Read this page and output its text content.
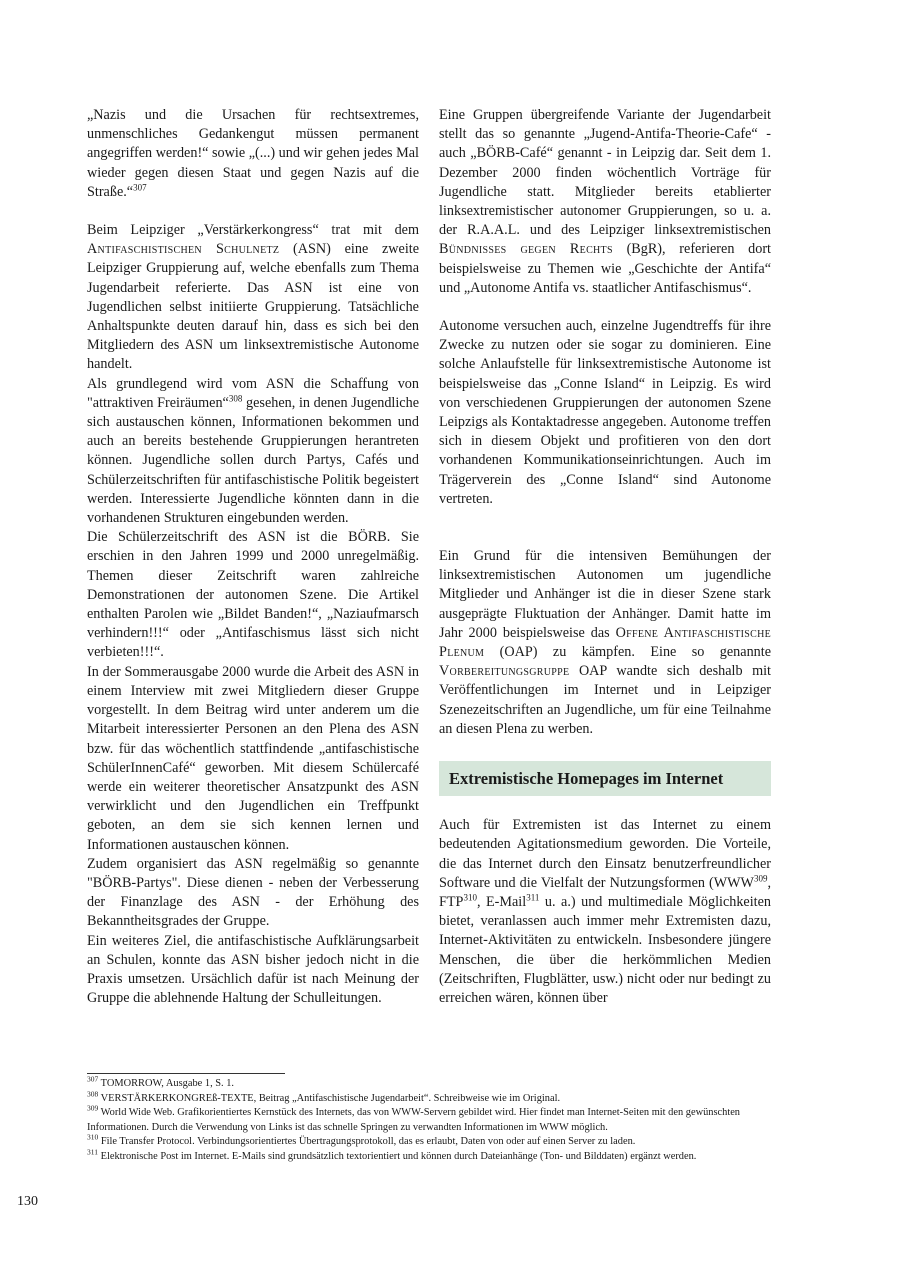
„Nazis und die Ursachen für rechtsextremes, unmenschliches Gedankengut müssen permanent angegriffen werden!“ sowie „(...) und wir gehen jedes Mal wieder gegen diesen Staat und gegen Nazis auf die Straße.“$^{307}$

Beim Leipziger „Verstärkerkongress“ trat mit dem Antifaschistischen Schulnetz (ASN) eine zweite Leipziger Gruppierung auf, welche ebenfalls zum Thema Jugendarbeit referierte. Das ASN ist eine von Jugendlichen selbst initiierte Gruppierung. Tatsächliche Anhaltspunkte deuten darauf hin, dass es sich bei den Mitgliedern des ASN um linksextremistische Autonome handelt.

Als grundlegend wird vom ASN die Schaffung von "attraktiven Freiräumen“$^{308}$ gesehen, in denen Jugendliche sich austauschen können, Informationen bekommen und auch an bereits bestehende Gruppierungen herantreten können. Jugendliche sollen durch Partys, Cafés und Schülerzeitschriften für antifaschistische Politik begeistert werden. Interessierte Jugendliche könnten dann in die vorhandenen Strukturen eingebunden werden.

Die Schülerzeitschrift des ASN ist die BÖRB. Sie erschien in den Jahren 1999 und 2000 unregelmäßig. Themen dieser Zeitschrift waren zahlreiche Demonstrationen der autonomen Szene. Die Artikel enthalten Parolen wie „Bildet Banden!“, „Naziaufmarsch verhindern!!!“ oder „Antifaschismus lässt sich nicht verbieten!!!“.

In der Sommerausgabe 2000 wurde die Arbeit des ASN in einem Interview mit zwei Mitgliedern dieser Gruppe vorgestellt. In dem Beitrag wird unter anderem um die Mitarbeit interessierter Personen an den Plena des ASN bzw. für das wöchentlich stattfindende „antifaschistische SchülerInnenCafé“ geworben. Mit diesem Schülercafé werde ein weiterer theoretischer Ansatzpunkt des ASN verwirklicht und den Jugendlichen ein Treffpunkt geboten, an dem sie sich kennen lernen und Informationen austauschen können.

Zudem organisiert das ASN regelmäßig so genannte "BÖRB-Partys". Diese dienen - neben der Verbesserung der Finanzlage des ASN - der Erhöhung des Bekanntheitsgrades der Gruppe.

Ein weiteres Ziel, die antifaschistische Aufklärungsarbeit an Schulen, konnte das ASN bisher jedoch nicht in die Praxis umsetzen. Ursächlich dafür ist nach Meinung der Gruppe die ablehnende Haltung der Schulleitungen.

Eine Gruppen übergreifende Variante der Jugendarbeit stellt das so genannte „Jugend-Antifa-Theorie-Cafe“ - auch „BÖRB-Café“ genannt - in Leipzig dar. Seit dem 1. Dezember 2000 finden wöchentlich Vorträge für Jugendliche statt. Mitglieder bereits etablierter linksextremistischer autonomer Gruppierungen, so u. a. der R.A.A.L. und des Leipziger linksextremistischen Bündnisses gegen Rechts (BgR), referieren dort beispielsweise zu Themen wie „Geschichte der Antifa“ und „Autonome Antifa vs. staatlicher Antifaschismus“.

Autonome versuchen auch, einzelne Jugendtreffs für ihre Zwecke zu nutzen oder sie sogar zu dominieren. Eine solche Anlaufstelle für linksextremistische Autonome ist beispielsweise das „Conne Island“ in Leipzig. Es wird von verschiedenen Gruppierungen der autonomen Szene Leipzigs als Kontaktadresse angegeben. Autonome treffen sich in diesem Objekt und profitieren von den dort vorhandenen Kommunikationseinrichtungen. Auch im Trägerverein des „Conne Island“ sind Autonome vertreten.

Ein Grund für die intensiven Bemühungen der linksextremistischen Autonomen um jugendliche Mitglieder und Anhänger ist die in dieser Szene stark ausgeprägte Fluktuation der Anhänger. Damit hatte im Jahr 2000 beispielsweise das Offene Antifaschistische Plenum (OAP) zu kämpfen. Eine so genannte Vorbereitungsgruppe OAP wandte sich deshalb mit Veröffentlichungen im Internet und in Leipziger Szenezeitschriften an Jugendliche, um für eine Teilnahme an diesen Plena zu werben.

Extremistische Homepages im Internet

Auch für Extremisten ist das Internet zu einem bedeutenden Agitationsmedium geworden. Die Vorteile, die das Internet durch den Einsatz benutzerfreundlicher Software und die Vielfalt der Nutzungsformen (WWW$^{309}$, FTP$^{310}$, E-Mail$^{311}$ u. a.) und multimediale Möglichkeiten bietet, veranlassen auch immer mehr Extremisten dazu, Internet-Aktivitäten zu entwickeln. Insbesondere jüngere Menschen, die über die herkömmlichen Medien (Zeitschriften, Flugblätter, usw.) nicht oder nur bedingt zu erreichen wären, können über

$^{307}$ TOMORROW, Ausgabe 1, S. 1.
$^{308}$ VERSTÄRKERKONGREß-TEXTE, Beitrag „Antifaschistische Jugendarbeit“. Schreibweise wie im Original.
$^{309}$ World Wide Web. Grafikorientiertes Kernstück des Internets, das von WWW-Servern gebildet wird. Hier findet man Internet-Seiten mit den gewünschten Informationen. Durch die Verwendung von Links ist das schnelle Springen zu verwandten Informationen im WWW möglich.
$^{310}$ File Transfer Protocol. Verbindungsorientiertes Übertragungsprotokoll, das es erlaubt, Daten von oder auf einen Server zu laden.
$^{311}$ Elektronische Post im Internet. E-Mails sind grundsätzlich textorientiert und können durch Dateianhänge (Ton- und Bilddaten) ergänzt werden.
130
